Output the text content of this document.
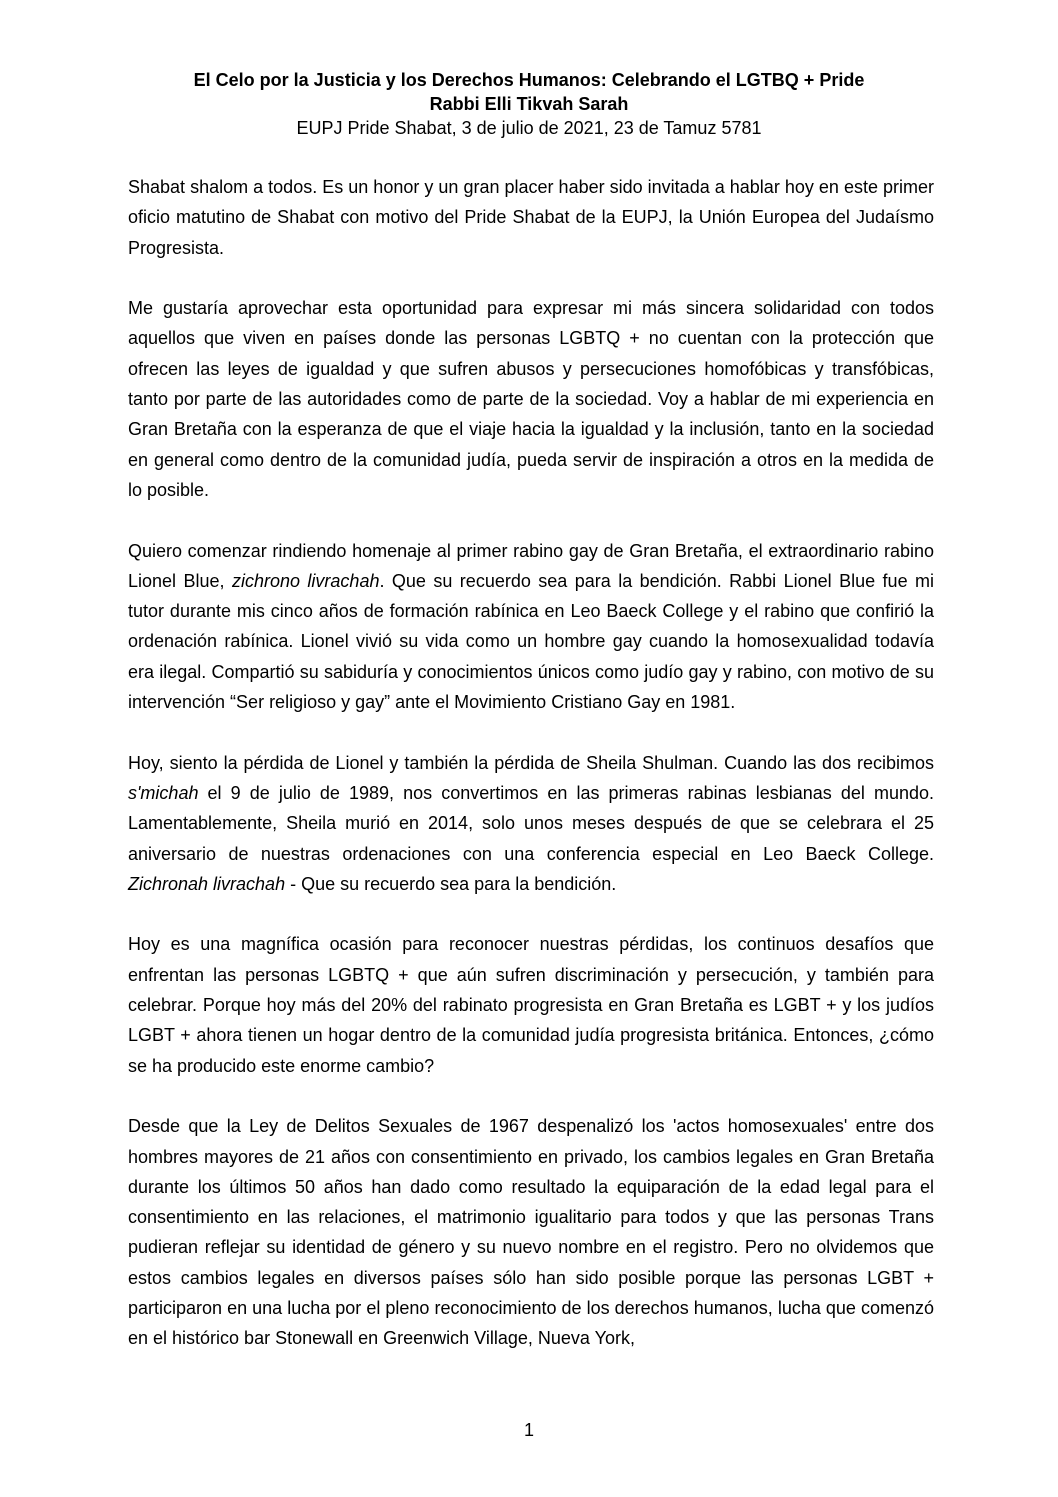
El Celo por la Justicia y los Derechos Humanos: Celebrando el LGTBQ + Pride
Rabbi Elli Tikvah Sarah
EUPJ Pride Shabat, 3 de julio de 2021, 23 de Tamuz 5781

Shabat shalom a todos. Es un honor y un gran placer haber sido invitada a hablar hoy en este primer oficio matutino de Shabat con motivo del Pride Shabat de la EUPJ, la Unión Europea del Judaísmo Progresista.

Me gustaría aprovechar esta oportunidad para expresar mi más sincera solidaridad con todos aquellos que viven en países donde las personas LGBTQ + no cuentan con la protección que ofrecen las leyes de igualdad y que sufren abusos y persecuciones homofóbicas y transfóbicas, tanto por parte de las autoridades como de parte de la sociedad. Voy a hablar de mi experiencia en Gran Bretaña con la esperanza de que el viaje hacia la igualdad y la inclusión, tanto en la sociedad en general como dentro de la comunidad judía, pueda servir de inspiración a otros en la medida de lo posible.

Quiero comenzar rindiendo homenaje al primer rabino gay de Gran Bretaña, el extraordinario rabino Lionel Blue, zichrono livrachah. Que su recuerdo sea para la bendición. Rabbi Lionel Blue fue mi tutor durante mis cinco años de formación rabínica en Leo Baeck College y el rabino que confirió la ordenación rabínica. Lionel vivió su vida como un hombre gay cuando la homosexualidad todavía era ilegal. Compartió su sabiduría y conocimientos únicos como judío gay y rabino, con motivo de su intervención “Ser religioso y gay” ante el Movimiento Cristiano Gay en 1981.

Hoy, siento la pérdida de Lionel y también la pérdida de Sheila Shulman. Cuando las dos recibimos s'michah el 9 de julio de 1989, nos convertimos en las primeras rabinas lesbianas del mundo. Lamentablemente, Sheila murió en 2014, solo unos meses después de que se celebrara el 25 aniversario de nuestras ordenaciones con una conferencia especial en Leo Baeck College. Zichronah livrachah - Que su recuerdo sea para la bendición.

Hoy es una magnífica ocasión para reconocer nuestras pérdidas, los continuos desafíos que enfrentan las personas LGBTQ + que aún sufren discriminación y persecución, y también para celebrar. Porque hoy más del 20% del rabinato progresista en Gran Bretaña es LGBT + y los judíos LGBT + ahora tienen un hogar dentro de la comunidad judía progresista británica. Entonces, ¿cómo se ha producido este enorme cambio?

Desde que la Ley de Delitos Sexuales de 1967 despenalizó los 'actos homosexuales' entre dos hombres mayores de 21 años con consentimiento en privado, los cambios legales en Gran Bretaña durante los últimos 50 años han dado como resultado la equiparación de la edad legal para el consentimiento en las relaciones, el matrimonio igualitario para todos y que las personas Trans pudieran reflejar su identidad de género y su nuevo nombre en el registro. Pero no olvidemos que estos cambios legales en diversos países sólo han sido posible porque las personas LGBT + participaron en una lucha por el pleno reconocimiento de los derechos humanos, lucha que comenzó en el histórico bar Stonewall en Greenwich Village, Nueva York,

1
